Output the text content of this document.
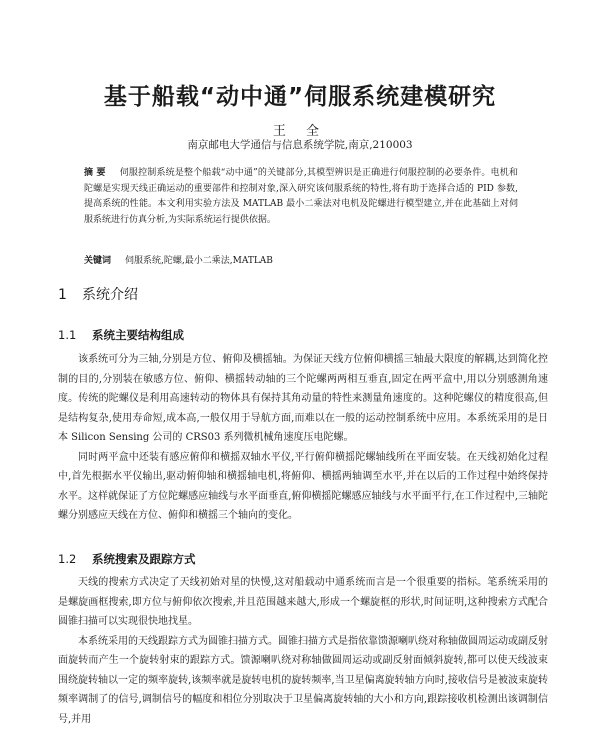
基于船载“动中通”伺服系统建模研究
王 全
南京邮电大学通信与信息系统学院,南京,210003
摘 要 伺服控制系统是整个船载“动中通”的关键部分,其模型辨识是正确进行伺服控制的必要条件。电机和陀螺是实现天线正确运动的重要部件和控制对象,深入研究该伺服系统的特性,将有助于选择合适的 PID 参数,提高系统的性能。本文利用实验方法及 MATLAB 最小二乘法对电机及陀螺进行模型建立,并在此基础上对伺服系统进行仿真分析,为实际系统运行提供依据。
关键词 伺服系统,陀螺,最小二乘法,MATLAB
1 系统介绍
1.1 系统主要结构组成

该系统可分为三轴,分别是方位、俯仰及横摇轴。为保证天线方位俯仰横摇三轴最大限度的解耦,达到简化控制的目的,分别装在敏感方位、俯仰、横摇转动轴的三个陀螺两两相互垂直,固定在两平盒中,用以分别感测角速度。传统的陀螺仪是利用高速转动的物体具有保持其角动量的特性来测量角速度的。这种陀螺仪的精度很高,但是结构复杂,使用寿命短,成本高,一般仅用于导航方面,而难以在一般的运动控制系统中应用。本系统采用的是日本 Silicon Sensing 公司的 CRS03 系列微机械角速度压电陀螺。

同时两平盒中还装有感应俯仰和横摇双轴水平仪,平行俯仰横摇陀螺轴线所在平面安装。在天线初始化过程中,首先根据水平仪输出,驱动俯仰轴和横摇轴电机,将俯仰、横摇两轴调至水平,并在以后的工作过程中始终保持水平。这样就保证了方位陀螺感应轴线与水平面垂直,俯仰横摇陀螺感应轴线与水平面平行,在工作过程中,三轴陀螺分别感应天线在方位、俯仰和横摇三个轴向的变化。

1.2 系统搜索及跟踪方式

天线的搜索方式决定了天线初始对星的快慢,这对船载动中通系统而言是一个很重要的指标。笔系统采用的是螺旋画框搜索,即方位与俯仰依次搜索,并且范围越来越大,形成一个螺旋框的形状,时间证明,这种搜索方式配合圆锥扫描可以实现很快地找星。

本系统采用的天线跟踪方式为圆锥扫描方式。圆锥扫描方式是指依靠馈源喇叭绕对称轴做圆周运动或副反射面旋转而产生一个旋转射束的跟踪方式。馈源喇叭绕对称轴做圆周运动或副反射面倾斜旋转,都可以使天线波束围绕旋转轴以一定的频率旋转,该频率就是旋转电机的旋转频率,当卫星偏离旋转轴方向时,接收信号是被波束旋转频率调制了的信号,调制信号的幅度和相位分别取决于卫星偏离旋转轴的大小和方向,跟踪接收机检测出该调制信号,并用
